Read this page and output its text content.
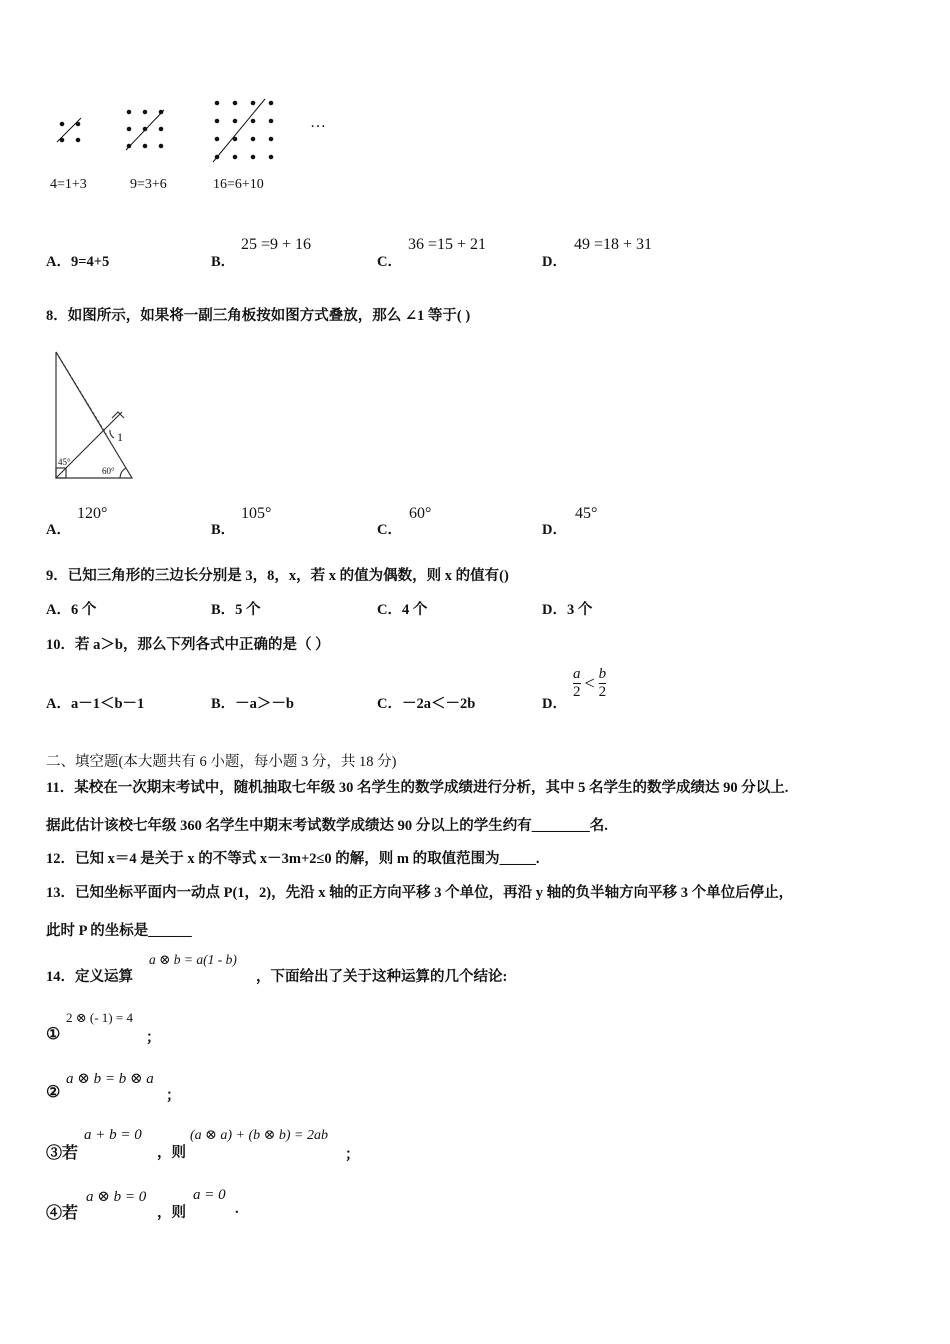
…
4=1+3	9=3+6	16=6+10
A．9=4+5	B．
25 =9 + 16
C．
36 =15 + 21
D．
49 =18 + 31
8．如图所示，如果将一副三角板按如图方式叠放，那么 ∠1 等于( )
1
45°
60°
A．
120°
B．
105°
C．
60°
D．
45°
9．已知三角形的三边长分别是 3，8，x，若 x 的值为偶数，则 x 的值有()
A．6 个	B．5 个	C．4 个	D．3 个
10．若 a＞b，那么下列各式中正确的是（ ）
A．a－1＜b－1	B．－a＞－b	C．－2a＜－2b	D．
$\frac{a}{2} < \frac{b}{2}$
二、填空题(本大题共有 6 小题，每小题 3 分，共 18 分)
11．某校在一次期末考试中，随机抽取七年级 30 名学生的数学成绩进行分析，其中 5 名学生的数学成绩达 90 分以上.
据此估计该校七年级 360 名学生中期末考试数学成绩达 90 分以上的学生约有________名.
12．已知 x＝4 是关于 x 的不等式 x－3m+2≤0 的解，则 m 的取值范围为_____.
13．已知坐标平面内一动点 P(1，2)，先沿 x 轴的正方向平移 3 个单位，再沿 y 轴的负半轴方向平移 3 个单位后停止，
此时 P 的坐标是______
14．定义运算
a ⊗ b = a(1 - b)
，下面给出了关于这种运算的几个结论:
①
2 ⊗ (- 1) = 4
；
②
a ⊗ b = b ⊗ a
；
③若
a + b = 0
，则
(a ⊗ a) + (b ⊗ b) = 2ab
；
④若
a ⊗ b = 0
，则
a = 0
.
